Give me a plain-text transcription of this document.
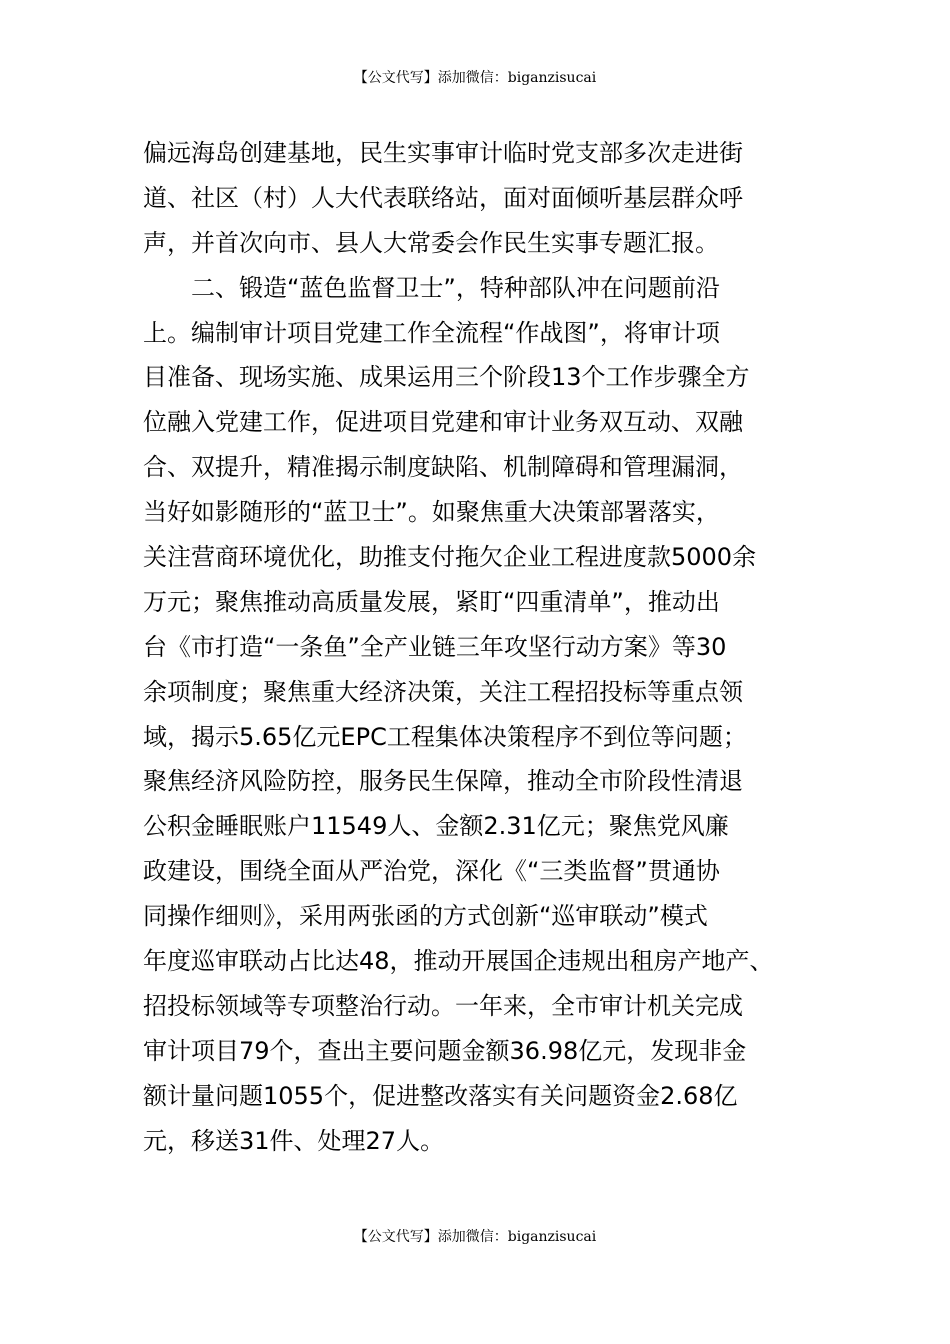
【公文代写】添加微信：biganzisucai
偏远海岛创建基地，民生实事审计临时党支部多次走进街
道、社区（村）人大代表联络站，面对面倾听基层群众呼
声，并首次向市、县人大常委会作民生实事专题汇报。
　　二、锻造“蓝色监督卫士”，特种部队冲在问题前沿
上。编制审计项目党建工作全流程“作战图”，将审计项
目准备、现场实施、成果运用三个阶段13个工作步骤全方
位融入党建工作，促进项目党建和审计业务双互动、双融
合、双提升，精准揭示制度缺陷、机制障碍和管理漏洞，
当好如影随形的“蓝卫士”。如聚焦重大决策部署落实，
关注营商环境优化，助推支付拖欠企业工程进度款5000余
万元；聚焦推动高质量发展，紧盯“四重清单”，推动出
台《市打造“一条鱼”全产业链三年攻坚行动方案》等30
余项制度；聚焦重大经济决策，关注工程招投标等重点领
域，揭示5.65亿元EPC工程集体决策程序不到位等问题；
聚焦经济风险防控，服务民生保障，推动全市阶段性清退
公积金睡眠账户11549人、金额2.31亿元；聚焦党风廉
政建设，围绕全面从严治党，深化《“三类监督”贯通协
同操作细则》，采用两张函的方式创新“巡审联动”模式
年度巡审联动占比达48，推动开展国企违规出租房产地产、
招投标领域等专项整治行动。一年来，全市审计机关完成
审计项目79个，查出主要问题金额36.98亿元，发现非金
额计量问题1055个，促进整改落实有关问题资金2.68亿
元，移送31件、处理27人。
【公文代写】添加微信：biganzisucai
